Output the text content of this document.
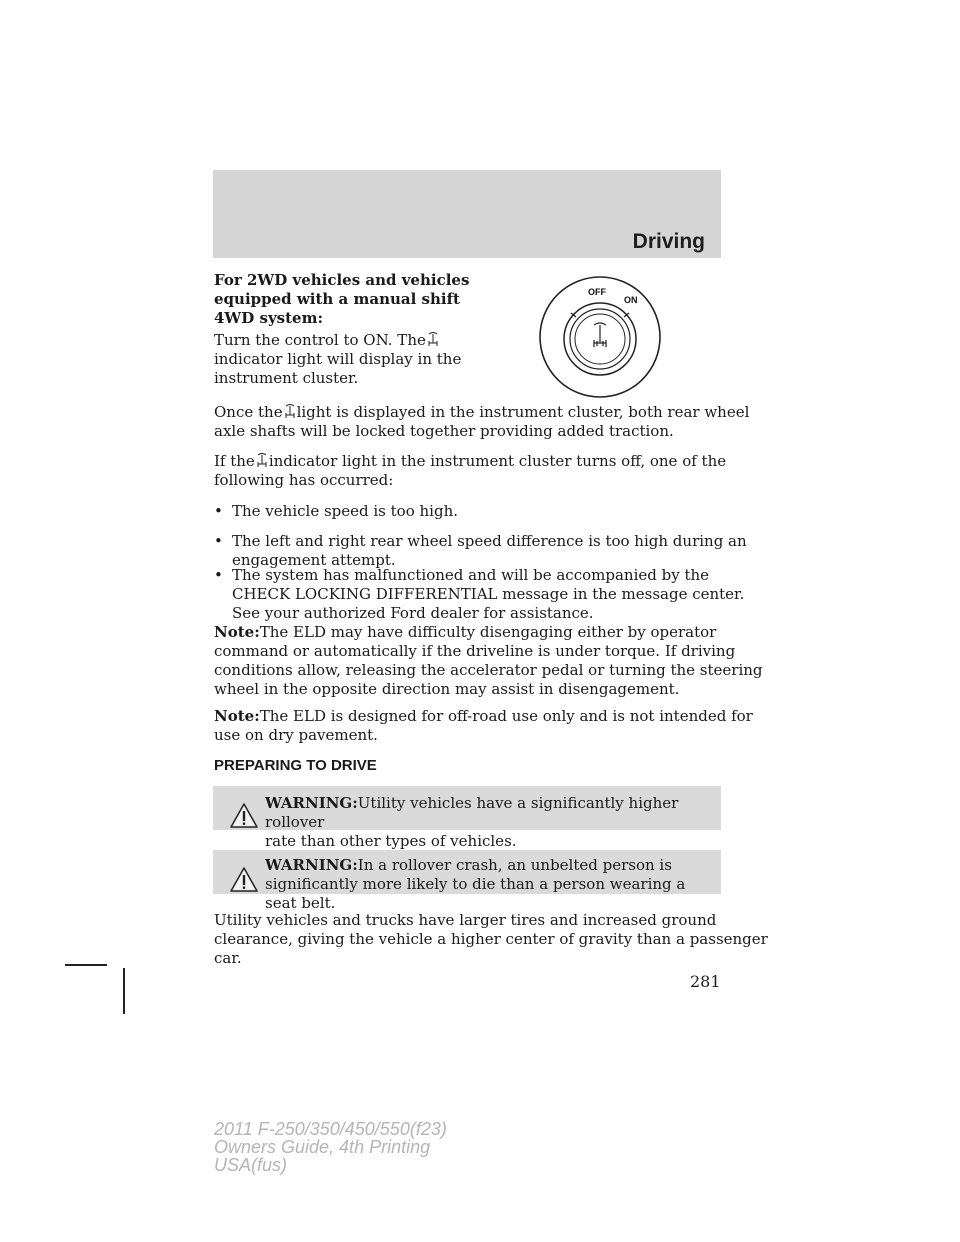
Driving
OFF
ON

For 2WD vehicles and vehicles
equipped with a manual shift
4WD system:

Turn the control to ON. The
indicator light will display in the
instrument cluster.

Once the light is displayed in the instrument cluster, both rear wheel
axle shafts will be locked together providing added traction.

If the indicator light in the instrument cluster turns off, one of the
following has occurred:

• The vehicle speed is too high.

• The left and right rear wheel speed difference is too high during an
engagement attempt.

• The system has malfunctioned and will be accompanied by the
CHECK LOCKING DIFFERENTIAL message in the message center.
See your authorized Ford dealer for assistance.

Note:The ELD may have difficulty disengaging either by operator
command or automatically if the driveline is under torque. If driving
conditions allow, releasing the accelerator pedal or turning the steering
wheel in the opposite direction may assist in disengagement.

Note:The ELD is designed for off-road use only and is not intended for
use on dry pavement.

PREPARING TO DRIVE

WARNING:Utility vehicles have a significantly higher rollover
rate than other types of vehicles.

WARNING:In a rollover crash, an unbelted person is
significantly more likely to die than a person wearing a seat belt.

Utility vehicles and trucks have larger tires and increased ground
clearance, giving the vehicle a higher center of gravity than a passenger
car.

281

2011 F-250/350/450/550(f23)
Owners Guide, 4th Printing
USA(fus)
